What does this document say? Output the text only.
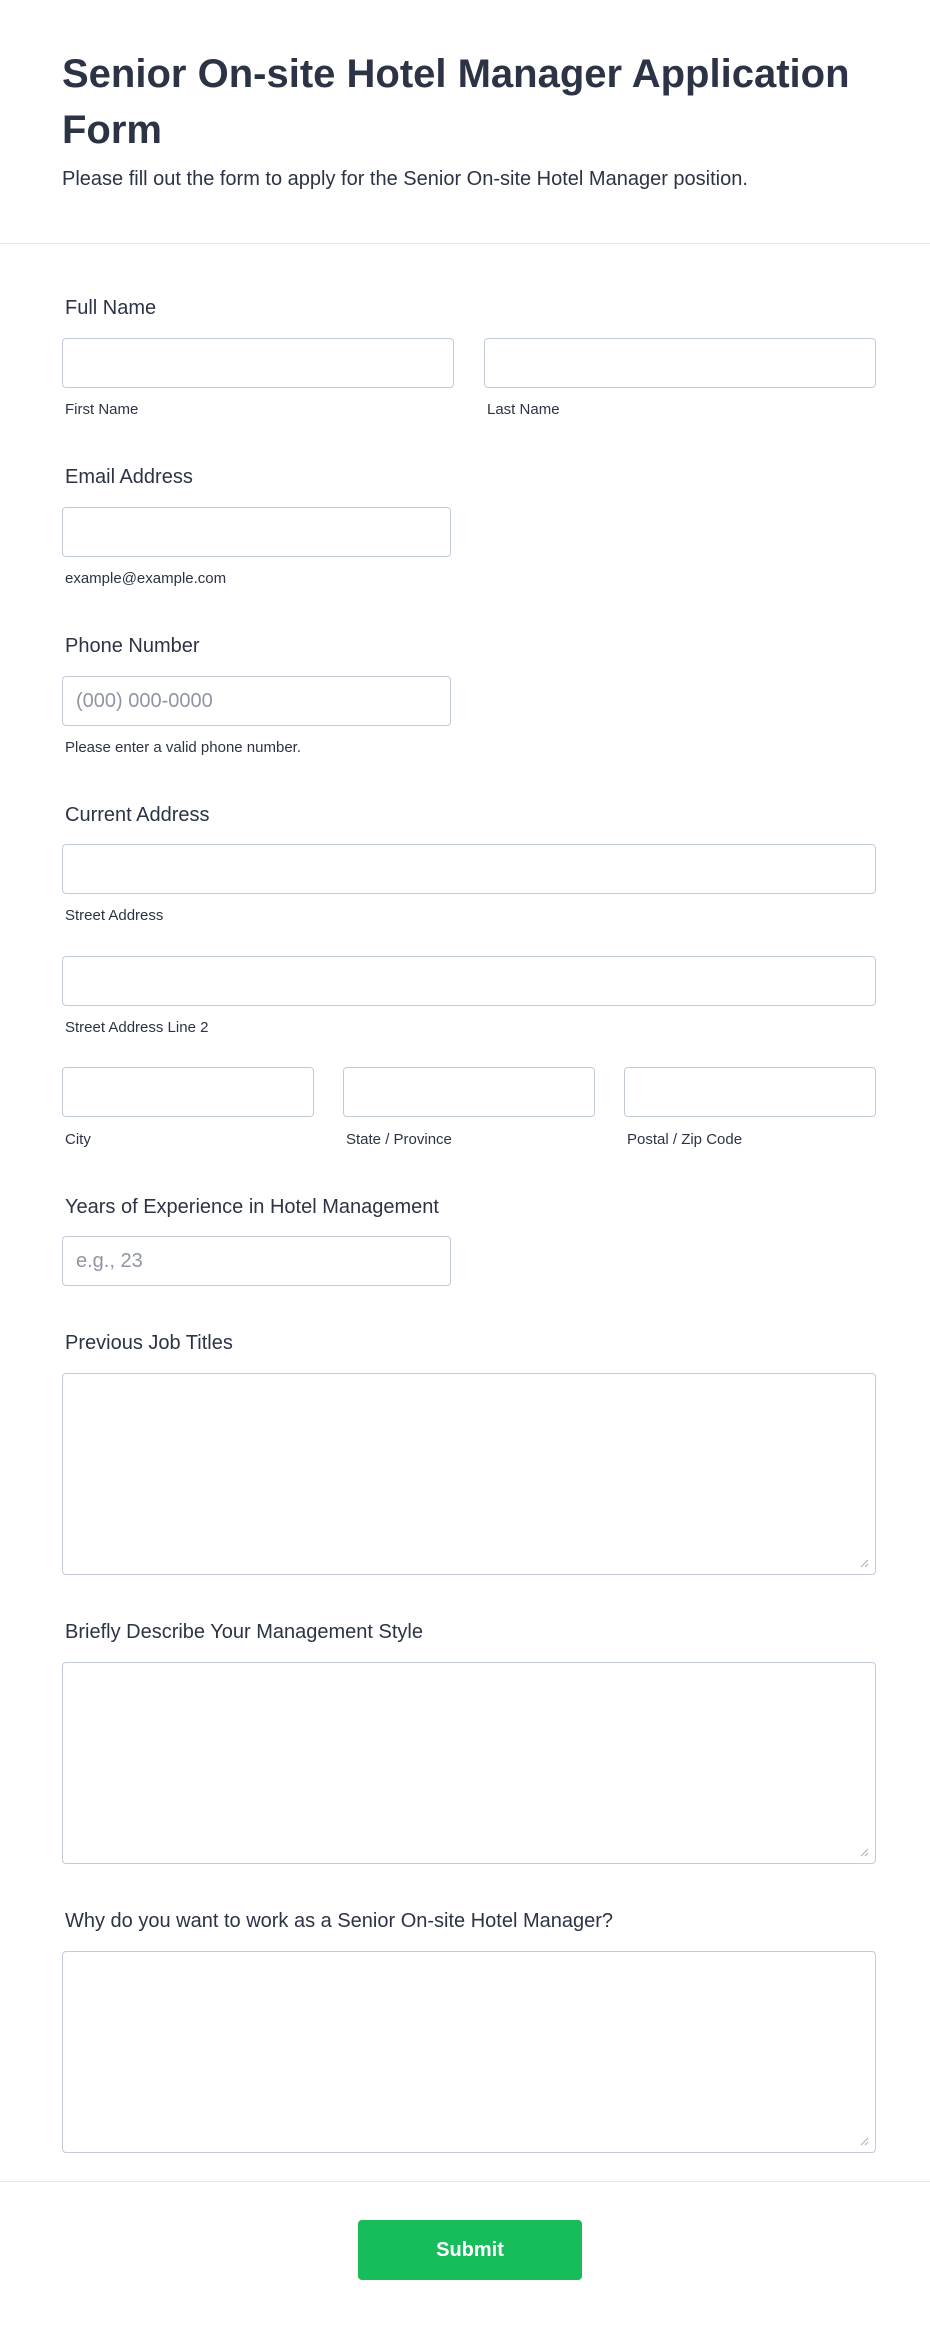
Senior On-site Hotel Manager Application Form

Please fill out the form to apply for the Senior On-site Hotel Manager position.

Full Name
First Name	Last Name
Email Address
example@example.com
Phone Number
(000) 000-0000
Please enter a valid phone number.
Current Address
Street Address
Street Address Line 2
City	State / Province	Postal / Zip Code
Years of Experience in Hotel Management
e.g., 23
Previous Job Titles
Briefly Describe Your Management Style
Why do you want to work as a Senior On-site Hotel Manager?
Submit
